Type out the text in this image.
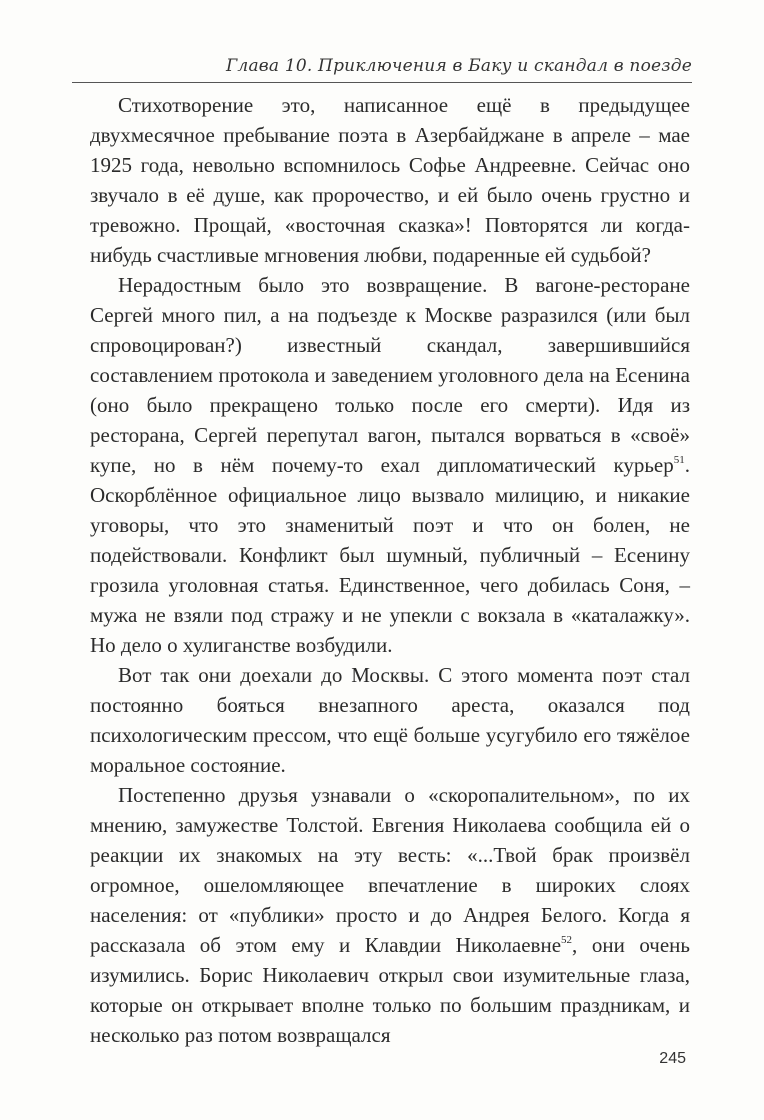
Глава 10. Приключения в Баку и скандал в поезде

Стихотворение это, написанное ещё в предыдущее двухмесячное пребывание поэта в Азербайджане в апреле – мае 1925 года, невольно вспомнилось Софье Андреевне. Сейчас оно звучало в её душе, как пророчество, и ей было очень грустно и тревожно. Прощай, «восточная сказка»! Повторятся ли когда-нибудь счастливые мгновения любви, подаренные ей судьбой?

Нерадостным было это возвращение. В вагоне-ресторане Сергей много пил, а на подъезде к Москве разразился (или был спровоцирован?) известный скандал, завершившийся составлением протокола и заведением уголовного дела на Есенина (оно было прекращено только после его смерти). Идя из ресторана, Сергей перепутал вагон, пытался ворваться в «своё» купе, но в нём почему-то ехал дипломатический курьер$^{51}$. Оскорблённое официальное лицо вызвало милицию, и никакие уговоры, что это знаменитый поэт и что он болен, не подействовали. Конфликт был шумный, публичный – Есенину грозила уголовная статья. Единственное, чего добилась Соня, – мужа не взяли под стражу и не упекли с вокзала в «каталажку». Но дело о хулиганстве возбудили.

Вот так они доехали до Москвы. С этого момента поэт стал постоянно бояться внезапного ареста, оказался под психологическим прессом, что ещё больше усугубило его тяжёлое моральное состояние.

Постепенно друзья узнавали о «скоропалительном», по их мнению, замужестве Толстой. Евгения Николаева сообщила ей о реакции их знакомых на эту весть: «...Твой брак произвёл огромное, ошеломляющее впечатление в широких слоях населения: от «публики» просто и до Андрея Белого. Когда я рассказала об этом ему и Клавдии Николаевне$^{52}$, они очень изумились. Борис Николаевич открыл свои изумительные глаза, которые он открывает вполне только по большим праздникам, и несколько раз потом возвращался

245
